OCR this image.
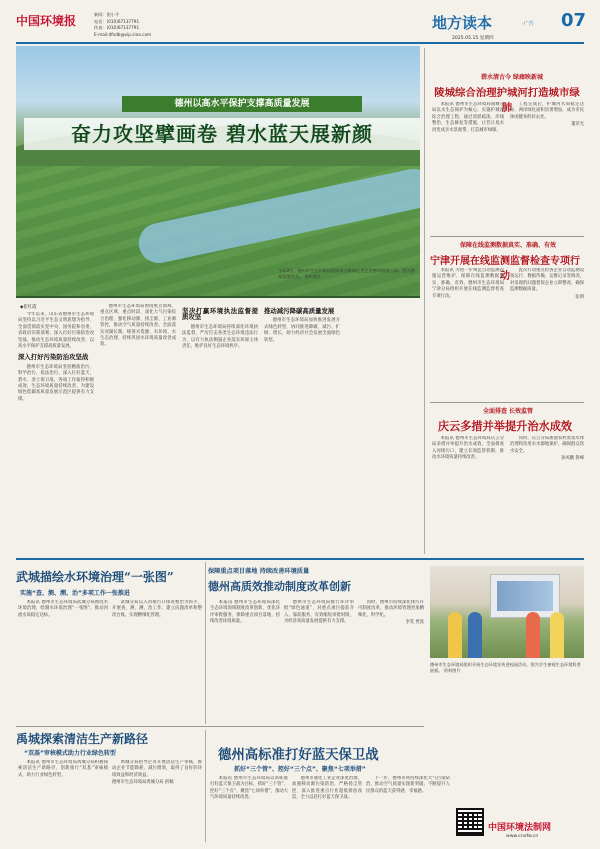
中国环境报	新闻：倪小平
电话：(010)67137791
传真：(010)67137791
E-mail:dfxdb@vip.sina.com
地方读本	·广告 07
2025.05.15 星期四
德州以高水平保护支撑高质量发展
奋力攻坚擘画卷 碧水蓝天展新颜
今年3月，德州市生态环境局组织部分新闻记者走进德州湿地公园。图为德州湿地风光。 资料图片
◆崔红霞

今年以来，山东省德州市生态环境局坚持以习近平生态文明思想为指导，全面贯彻落实党中央、国务院和省委、省政府决策部署，深入打好污染防治攻坚战，推动生态环境质量持续改善，以高水平保护支撑高质量发展。

深入打好污染防治攻坚战

德州市生态环境局坚持精准治污、科学治污、依法治污，深入打好蓝天、碧水、净土保卫战，各项工作取得积极成效，生态环境质量持续改善，为建设绿色低碳高质量发展示范区提供有力支撑。

德州市生态环境局围绕重点领域、重点区域、重点时段，深化大气污染综合治理，强化移动源、扬尘源、工业源管控，推动空气质量持续改善。全面落实河湖长制，统筹水资源、水环境、水生态治理，持续巩固水环境质量改善成效。

坚决打赢环境执法监督提质攻坚

德州市生态环境局持续深化环境执法监督，严厉打击各类生态环境违法行为，以有力执法倒逼企业落实环保主体责任，维护良好生态环境秩序。

推动减污降碳高质量发展

德州市生态环境局加快推进发展方式绿色转型，协同推进降碳、减污、扩绿、增长，助力经济社会发展全面绿色转型。

碧水清古今 绿廊映新城
陵城综合治理护城河打造城市绿肺

本报讯 德州市生态环境局陵城分局以水生态保护为核心，实施护城河综合治理工程，通过清淤疏浚、岸线整治、生态修复等措施，让昔日臭水河变成亲水景观带，打造城市绿肺。

工程完成后，护城河水质稳定达标，两岸绿化面积显著增加，成为市民休闲健身的好去处。

董荣光
保障在线监测数据真实、准确、有效
宁津开展在线监测监督检查专项行动

本报讯 为进一步规范自动监测设施运营维护，保障在线监测数据真实、准确、有效，德州市生态环境局宁津分局组织开展在线监测监督检查专项行动。

此次行动重点检查企业自动监测设备运行、数据传输、运维记录等情况，对发现的问题督促企业立即整改，确保监测数据质量。

张明
全面排查 长效监管
庆云多措并举提升治水成效

本报讯 德州市生态环境局庆云分局多措并举提升治水成效，全面排查入河排污口，建立长效监管机制，推动水环境质量持续改善。

同时，庆云分局加强农村黑臭水体治理和饮用水水源地保护，确保群众饮水安全。

孙凤鹏 鲁峰
武城描绘水环境治理“一张图”
实施“查、测、溯、治”多项工作一张推进

本报讯 德州市生态环境局武城分局围绕水环境治理，绘制水环境治理“一张图”，推动河流水质稳定达标。

武城分局以入河排污口排查整治为抓手，开展查、测、溯、治工作，建立问题清单和整改台账，实现精细化管理。

保障重点项目落地 持续改善环境质量
德州高质效推动制度改革创新

本报讯 德州市生态环境局深化生态环境领域制度改革创新，优化环评审批服务，保障重点项目落地，持续改善环境质量。

德州市生态环境局推行环评审批“绿色通道”，对重点项目提前介入、靠前服务，有效缩短审批时限，为经济高质量发展提供有力支撑。

同时，德州市持续深化排污许可制度改革，推动环境管理更加精细化、科学化。

李雯 贾真
德州市生态环境局组织开展生态环境宣传进校园活动。图为学生参观生态环境科普展板。 资料图片
禹城探索清洁生产新路径
“双基”审核模式助力行业绿色转型

本报讯 德州市生态环境局禹城分局积极探索清洁生产新路径，创新推行“双基”审核模式，助力行业绿色转型。

禹城分局指导企业开展清洁生产审核，推动企业节能降耗、减污增效，取得了良好的环境效益和经济效益。

德州市生态环境局禹城分局 供稿
德州高标准打好蓝天保卫战
抓好“三个管”、控好“三个点”、聚焦“七项举措”

本报讯 德州市生态环境局以高标准打好蓝天保卫战为目标，抓好“三个管”、控好“三个点”、聚焦“七项举措”，推动大气环境质量持续改善。

德州市强化工业企业深度治理，加强移动源污染防治，严格扬尘管控，深入推进重点行业超低排放改造，全力以赴打好蓝天保卫战。

下一步，德州市将持续深化大气污染防治，推动空气质量实现新突破，不断提升人民群众的蓝天获得感、幸福感。

中国环境法制网
www.cnefw.cn
